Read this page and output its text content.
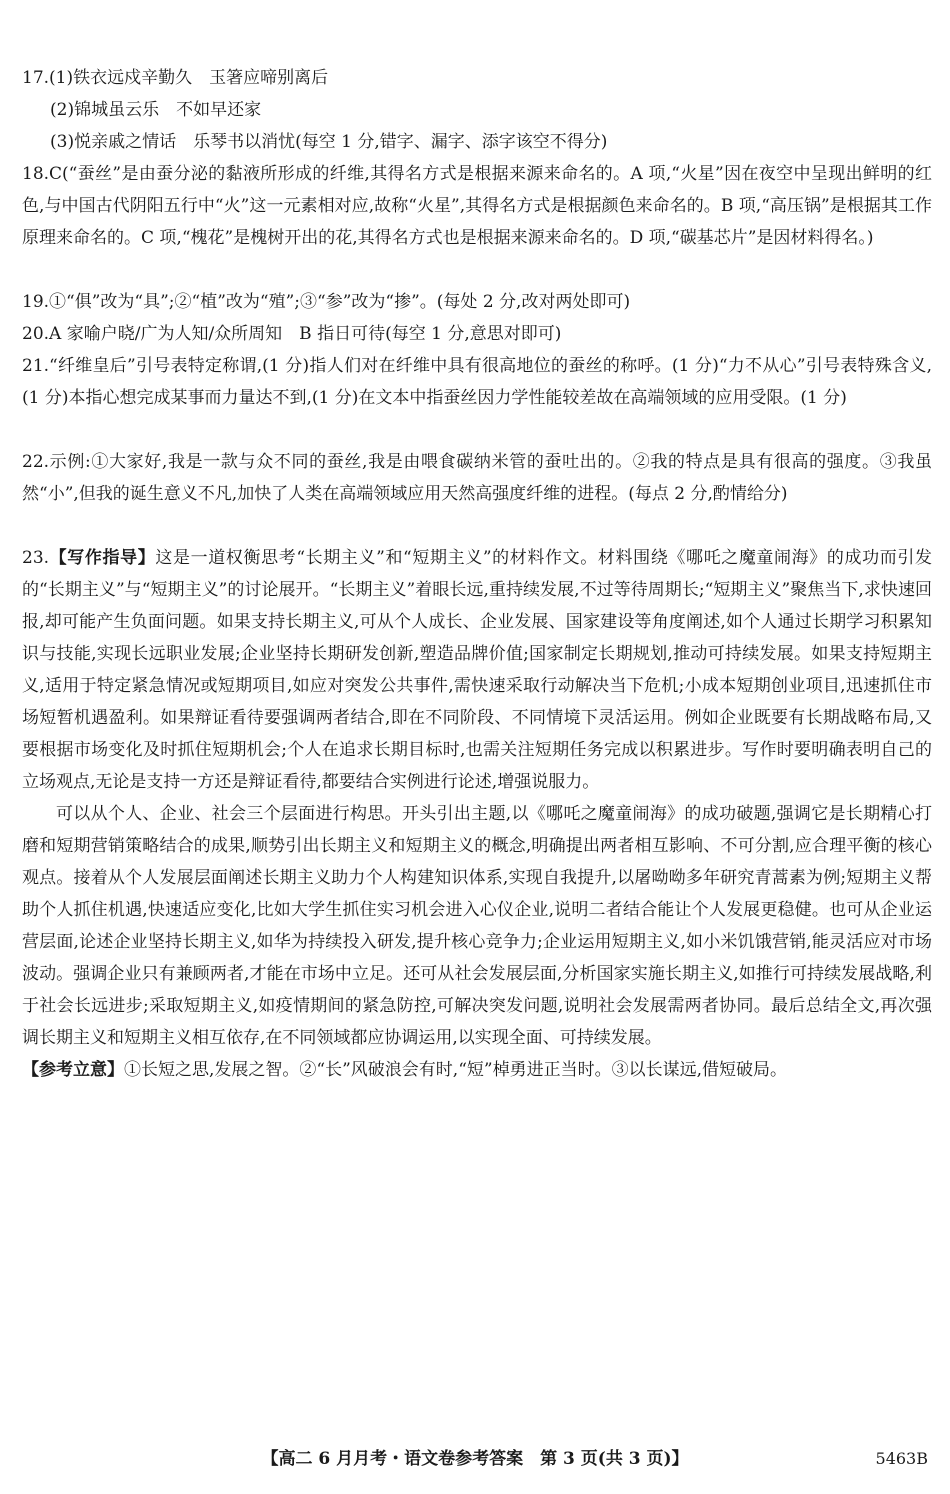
17.(1)铁衣远戍辛勤久　玉箸应啼别离后
(2)锦城虽云乐　不如早还家
(3)悦亲戚之情话　乐琴书以消忧(每空 1 分,错字、漏字、添字该空不得分)
18.C(“蚕丝”是由蚕分泌的黏液所形成的纤维,其得名方式是根据来源来命名的。A 项,“火星”因在夜空中呈现出鲜明的红色,与中国古代阴阳五行中“火”这一元素相对应,故称“火星”,其得名方式是根据颜色来命名的。B 项,“高压锅”是根据其工作原理来命名的。C 项,“槐花”是槐树开出的花,其得名方式也是根据来源来命名的。D 项,“碳基芯片”是因材料得名。)
19.①“俱”改为“具”;②“植”改为“殖”;③“参”改为“掺”。(每处 2 分,改对两处即可)
20.A 家喻户晓/广为人知/众所周知　B 指日可待(每空 1 分,意思对即可)
21.“纤维皇后”引号表特定称谓,(1 分)指人们对在纤维中具有很高地位的蚕丝的称呼。(1 分)“力不从心”引号表特殊含义,(1 分)本指心想完成某事而力量达不到,(1 分)在文本中指蚕丝因力学性能较差故在高端领域的应用受限。(1 分)
22.示例:①大家好,我是一款与众不同的蚕丝,我是由喂食碳纳米管的蚕吐出的。②我的特点是具有很高的强度。③我虽然“小”,但我的诞生意义不凡,加快了人类在高端领域应用天然高强度纤维的进程。(每点 2 分,酌情给分)
23.【写作指导】这是一道权衡思考“长期主义”和“短期主义”的材料作文。材料围绕《哪吒之魔童闹海》的成功而引发的“长期主义”与“短期主义”的讨论展开。“长期主义”着眼长远,重持续发展,不过等待周期长;“短期主义”聚焦当下,求快速回报,却可能产生负面问题。如果支持长期主义,可从个人成长、企业发展、国家建设等角度阐述,如个人通过长期学习积累知识与技能,实现长远职业发展;企业坚持长期研发创新,塑造品牌价值;国家制定长期规划,推动可持续发展。如果支持短期主义,适用于特定紧急情况或短期项目,如应对突发公共事件,需快速采取行动解决当下危机;小成本短期创业项目,迅速抓住市场短暂机遇盈利。如果辩证看待要强调两者结合,即在不同阶段、不同情境下灵活运用。例如企业既要有长期战略布局,又要根据市场变化及时抓住短期机会;个人在追求长期目标时,也需关注短期任务完成以积累进步。写作时要明确表明自己的立场观点,无论是支持一方还是辩证看待,都要结合实例进行论述,增强说服力。
可以从个人、企业、社会三个层面进行构思。开头引出主题,以《哪吒之魔童闹海》的成功破题,强调它是长期精心打磨和短期营销策略结合的成果,顺势引出长期主义和短期主义的概念,明确提出两者相互影响、不可分割,应合理平衡的核心观点。接着从个人发展层面阐述长期主义助力个人构建知识体系,实现自我提升,以屠呦呦多年研究青蒿素为例;短期主义帮助个人抓住机遇,快速适应变化,比如大学生抓住实习机会进入心仪企业,说明二者结合能让个人发展更稳健。也可从企业运营层面,论述企业坚持长期主义,如华为持续投入研发,提升核心竞争力;企业运用短期主义,如小米饥饿营销,能灵活应对市场波动。强调企业只有兼顾两者,才能在市场中立足。还可从社会发展层面,分析国家实施长期主义,如推行可持续发展战略,利于社会长远进步;采取短期主义,如疫情期间的紧急防控,可解决突发问题,说明社会发展需两者协同。最后总结全文,再次强调长期主义和短期主义相互依存,在不同领域都应协调运用,以实现全面、可持续发展。
【参考立意】①长短之思,发展之智。②“长”风破浪会有时,“短”棹勇进正当时。③以长谋远,借短破局。
【高二 6 月月考・语文卷参考答案　第 3 页(共 3 页)】	5463B
